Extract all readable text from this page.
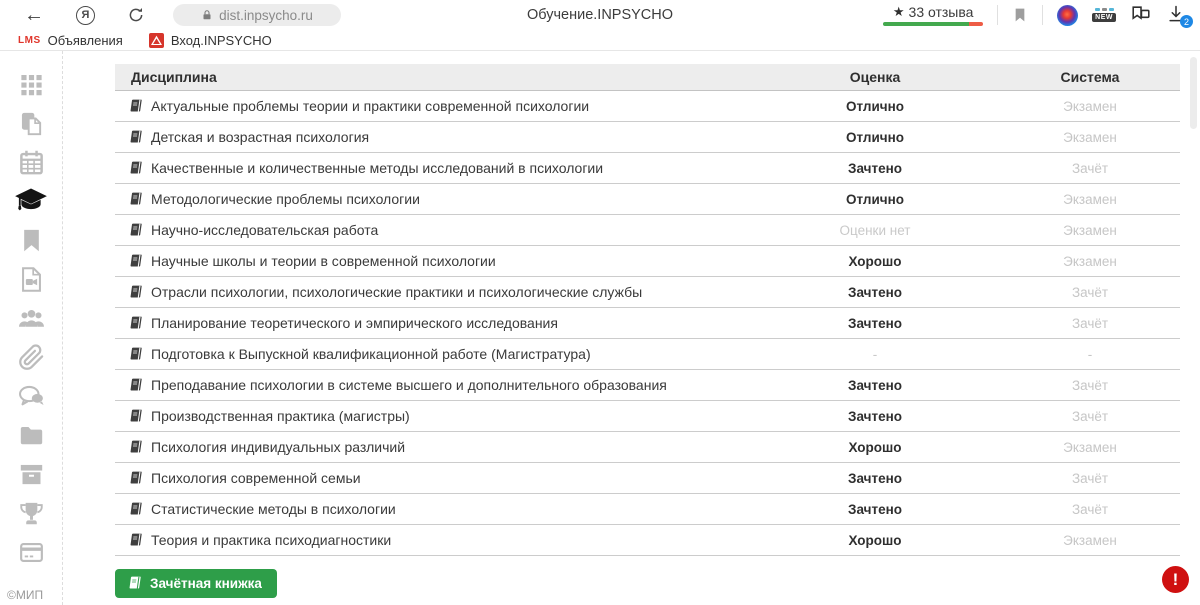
←	Я	dist.inpsycho.ru	Обучение.INPSYCHO	★ 33 отзыва	NEW	2
LMS Объявления	Вход.INPSYCHO
©МИП
Дисциплина	Оценка	Система
Актуальные проблемы теории и практики современной психологии	Отлично	Экзамен
Детская и возрастная психология	Отлично	Экзамен
Качественные и количественные методы исследований в психологии	Зачтено	Зачёт
Методологические проблемы психологии	Отлично	Экзамен
Научно-исследовательская работа	Оценки нет	Экзамен
Научные школы и теории в современной психологии	Хорошо	Экзамен
Отрасли психологии, психологические практики и психологические службы	Зачтено	Зачёт
Планирование теоретического и эмпирического исследования	Зачтено	Зачёт
Подготовка к Выпускной квалификационной работе (Магистратура)	-	-
Преподавание психологии в системе высшего и дополнительного образования	Зачтено	Зачёт
Производственная практика (магистры)	Зачтено	Зачёт
Психология индивидуальных различий	Хорошо	Экзамен
Психология современной семьи	Зачтено	Зачёт
Статистические методы в психологии	Зачтено	Зачёт
Теория и практика психодиагностики	Хорошо	Экзамен
Зачётная книжка	!
